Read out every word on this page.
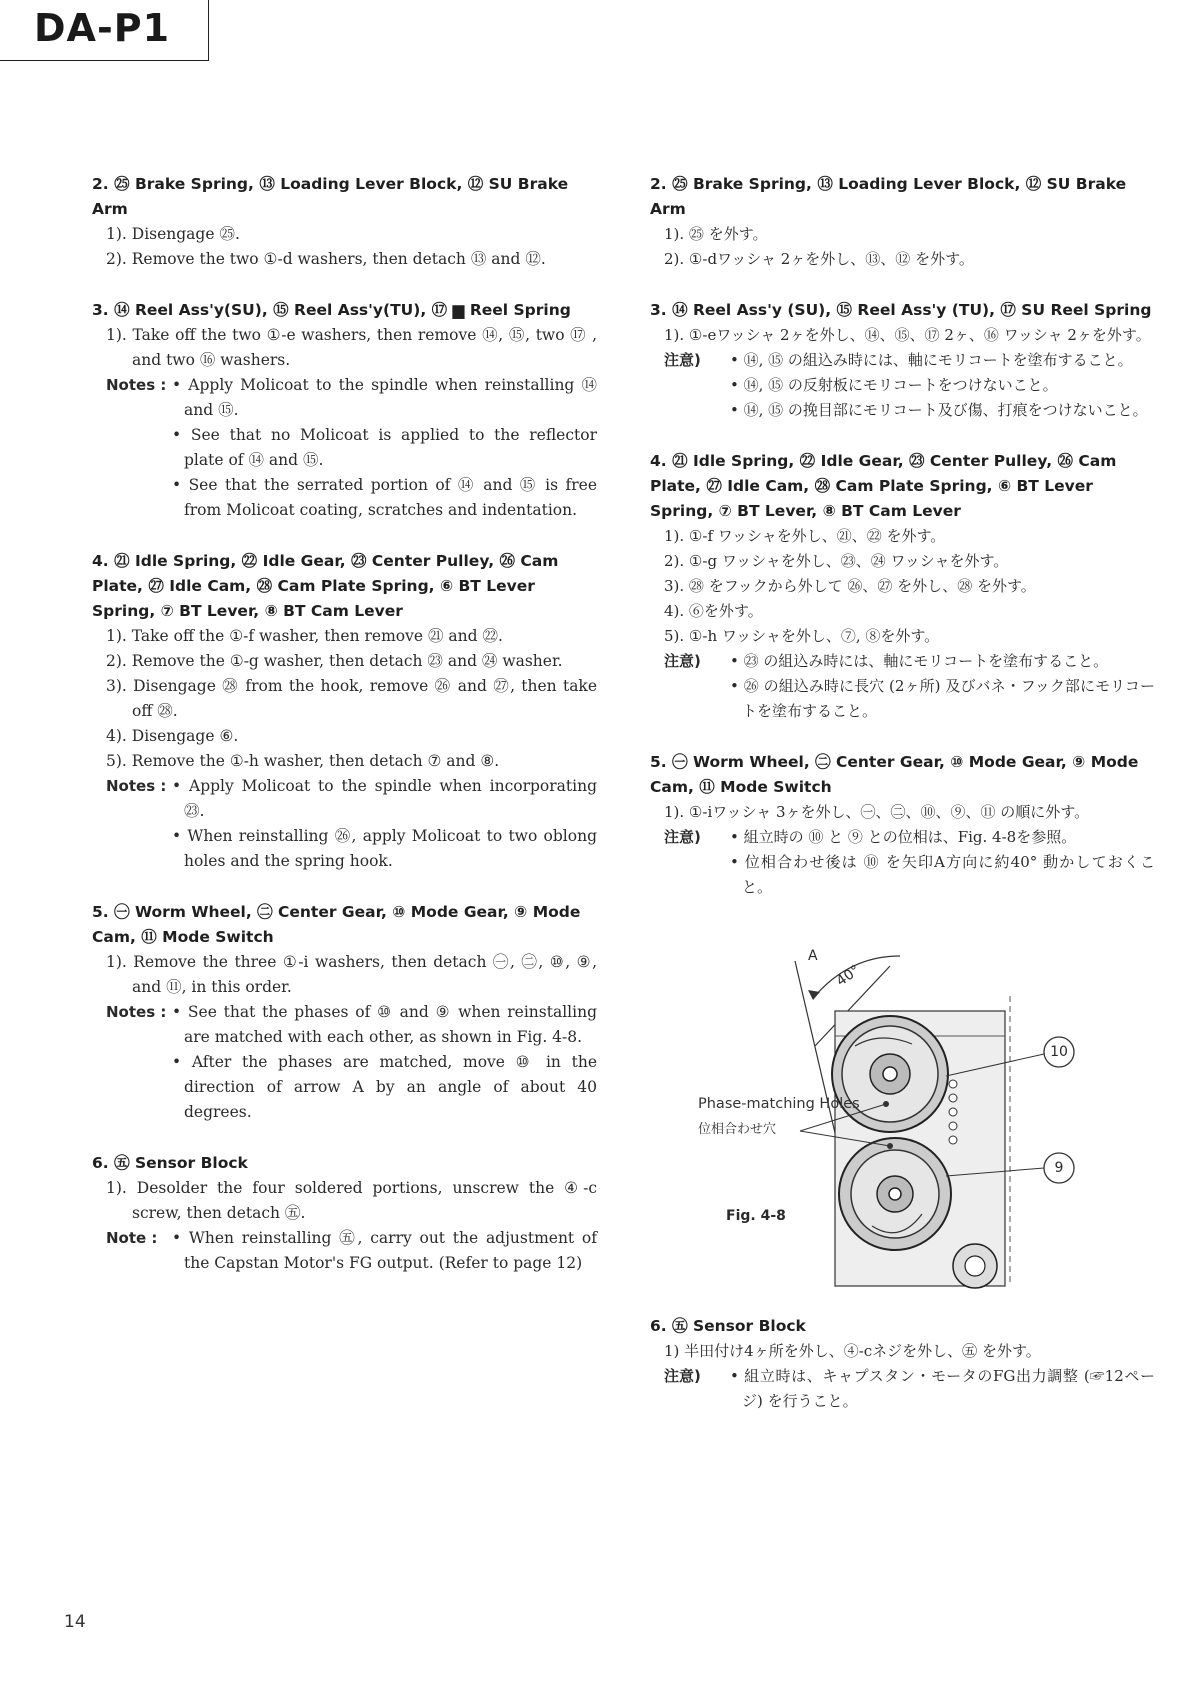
DA-P1
2. ㉕ Brake Spring, ⑬ Loading Lever Block, ⑫ SU Brake Arm
1). Disengage ㉕.
2). Remove the two ①-d washers, then detach ⑬ and ⑫.
3. ⑭ Reel Ass'y(SU), ⑮ Reel Ass'y(TU), ⑰ ▆ Reel Spring
1). Take off the two ①-e washers, then remove ⑭, ⑮, two ⑰ , and two ⑯ washers.
Notes :	• Apply Molicoat to the spindle when reinstalling ⑭ and ⑮.
• See that no Molicoat is applied to the reflector plate of ⑭ and ⑮.
• See that the serrated portion of ⑭ and ⑮ is free from Molicoat coating, scratches and indentation.
4. ㉑ Idle Spring, ㉒ Idle Gear, ㉓ Center Pulley, ㉖ Cam Plate, ㉗ Idle Cam, ㉘ Cam Plate Spring, ⑥ BT Lever Spring, ⑦ BT Lever, ⑧ BT Cam Lever
1). Take off the ①-f washer, then remove ㉑ and ㉒.
2). Remove the ①-g washer, then detach ㉓ and ㉔ washer.
3). Disengage ㉘ from the hook, remove ㉖ and ㉗, then take off ㉘.
4). Disengage ⑥.
5). Remove the ①-h washer, then detach ⑦ and ⑧.
Notes :	• Apply Molicoat to the spindle when incorporating ㉓.
• When reinstalling ㉖, apply Molicoat to two oblong holes and the spring hook.
5. ㊀ Worm Wheel, ㊁ Center Gear, ⑩ Mode Gear, ⑨ Mode Cam, ⑪ Mode Switch
1). Remove the three ①-i washers, then detach ㊀, ㊁, ⑩, ⑨, and ⑪, in this order.
Notes :	• See that the phases of ⑩ and ⑨ when reinstalling are matched with each other, as shown in Fig. 4-8.
• After the phases are matched, move ⑩ in the direction of arrow A by an angle of about 40 degrees.
6. ㊄ Sensor Block
1). Desolder the four soldered portions, unscrew the ④-c screw, then detach ㊄.
Note :	• When reinstalling ㊄, carry out the adjustment of the Capstan Motor's FG output. (Refer to page 12)
2. ㉕ Brake Spring, ⑬ Loading Lever Block, ⑫ SU Brake Arm
1). ㉕ を外す。
2). ①-dワッシャ 2ヶを外し、⑬、⑫ を外す。
3. ⑭ Reel Ass'y (SU), ⑮ Reel Ass'y (TU), ⑰ SU Reel Spring
1). ①-eワッシャ 2ヶを外し、⑭、⑮、⑰ 2ヶ、⑯ ワッシャ 2ヶを外す。
注意)	• ⑭, ⑮ の組込み時には、軸にモリコートを塗布すること。
• ⑭, ⑮ の反射板にモリコートをつけないこと。
• ⑭, ⑮ の挽目部にモリコート及び傷、打痕をつけないこと。
4. ㉑ Idle Spring, ㉒ Idle Gear, ㉓ Center Pulley, ㉖ Cam Plate, ㉗ Idle Cam, ㉘ Cam Plate Spring, ⑥ BT Lever Spring, ⑦ BT Lever, ⑧ BT Cam Lever
1). ①-f ワッシャを外し、㉑、㉒ を外す。
2). ①-g ワッシャを外し、㉓、㉔ ワッシャを外す。
3). ㉘ をフックから外して ㉖、㉗ を外し、㉘ を外す。
4). ⑥を外す。
5). ①-h ワッシャを外し、⑦, ⑧を外す。
注意)	• ㉓ の組込み時には、軸にモリコートを塗布すること。
• ㉖ の組込み時に長穴 (2ヶ所) 及びバネ・フック部にモリコートを塗布すること。
5. ㊀ Worm Wheel, ㊁ Center Gear, ⑩ Mode Gear, ⑨ Mode Cam, ⑪ Mode Switch
1). ①-iワッシャ 3ヶを外し、㊀、㊁、⑩、⑨、⑪ の順に外す。
注意)	• 組立時の ⑩ と ⑨ との位相は、Fig. 4-8を参照。
• 位相合わせ後は ⑩ を矢印A方向に約40° 動かしておくこと。
A
40°
Phase-matching Holes
位相合わせ穴
10
9
Fig. 4-8
6. ㊄ Sensor Block
1) 半田付け4ヶ所を外し、④-cネジを外し、㊄ を外す。
注意)	• 組立時は、キャプスタン・モータのFG出力調整 (☞12ページ) を行うこと。
14
